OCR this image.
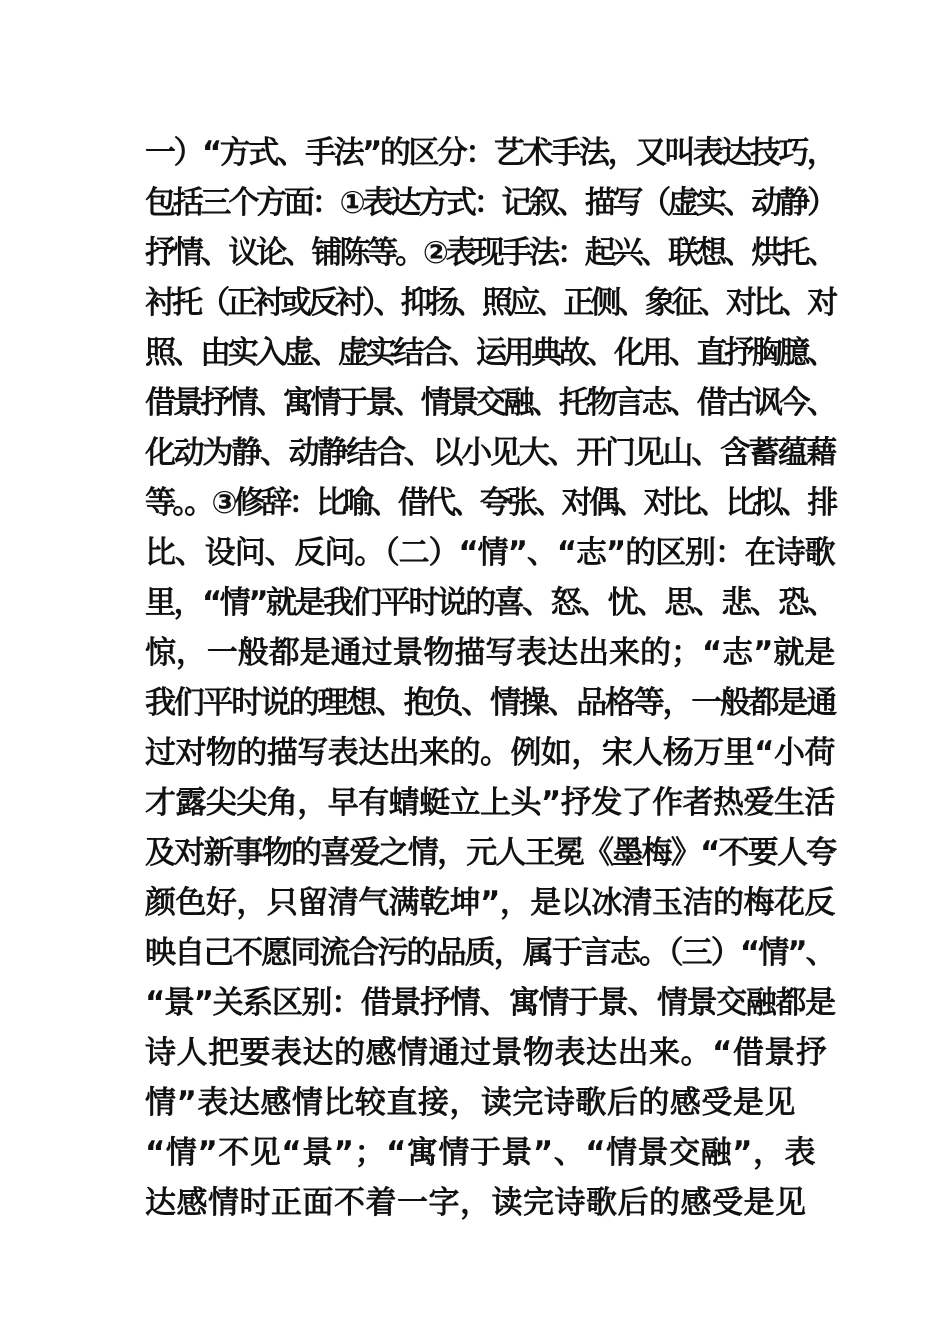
一）“方式、手法”的区分：艺术手法，又叫表达技巧，
包括三个方面：①表达方式：记叙、描写（虚实、动静）
抒情、议论、铺陈等。②表现手法：起兴、联想、烘托、
衬托（正衬或反衬）、抑扬、照应、正侧、象征、对比、对
照、由实入虚、虚实结合、运用典故、化用、直抒胸臆、
借景抒情、寓情于景、情景交融、托物言志、借古讽今、
化动为静、动静结合、以小见大、开门见山、含蓄蕴藉
等。。③修辞：比喻、借代、夸张、对偶、对比、比拟、排
比、设问、反问。（二）“情”、“志”的区别：在诗歌
里，“情”就是我们平时说的喜、怒、忧、思、悲、恐、
惊，一般都是通过景物描写表达出来的；“志”就是
我们平时说的理想、抱负、情操、品格等，一般都是通
过对物的描写表达出来的。例如，宋人杨万里“小荷
才露尖尖角，早有蜻蜓立上头”抒发了作者热爱生活
及对新事物的喜爱之情，元人王冕《墨梅》“不要人夸
颜色好，只留清气满乾坤”，是以冰清玉洁的梅花反
映自己不愿同流合污的品质，属于言志。（三）“情”、
“景”关系区别：借景抒情、寓情于景、情景交融都是
诗人把要表达的感情通过景物表达出来。“借景抒
情”表达感情比较直接，读完诗歌后的感受是见
“情”不见“景”；“寓情于景”、“情景交融”，表
达感情时正面不着一字，读完诗歌后的感受是见
